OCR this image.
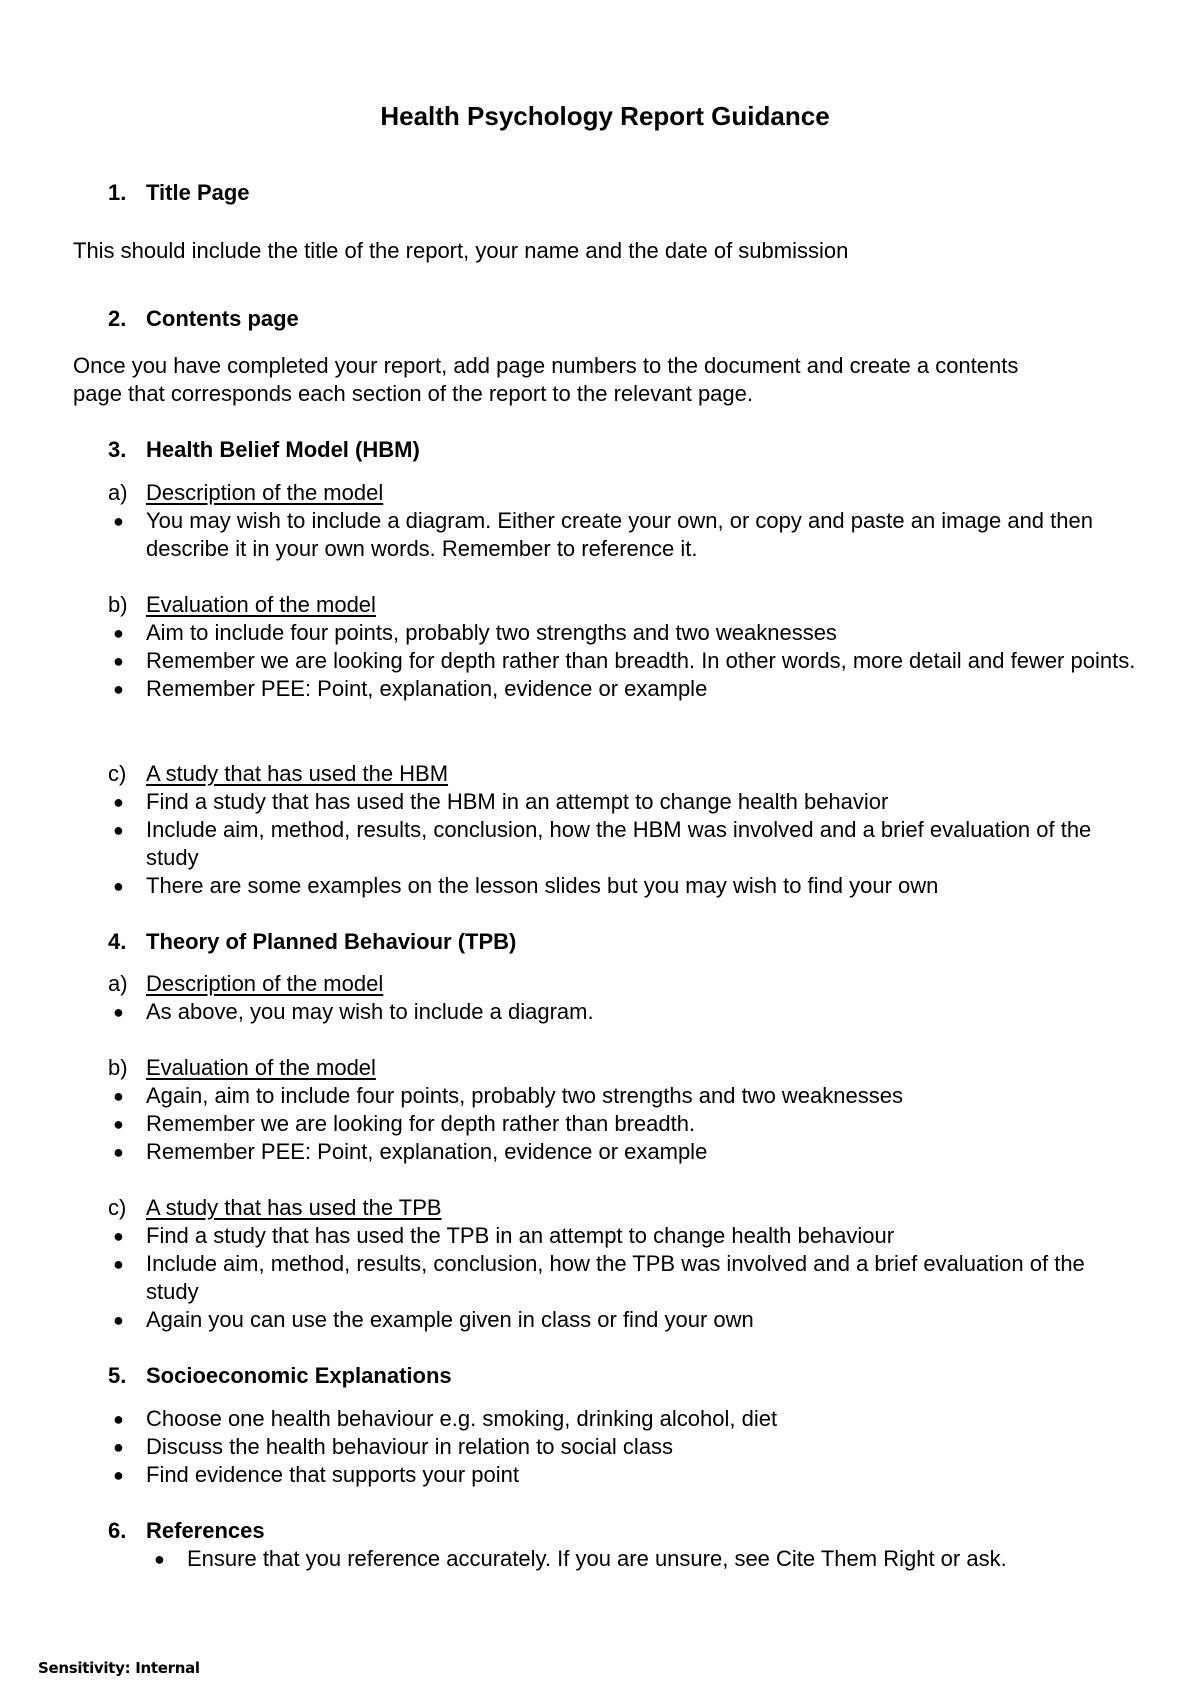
Health Psychology Report Guidance
1. Title Page

This should include the title of the report, your name and the date of submission

2. Contents page
Once you have completed your report, add page numbers to the document and create a contents
page that corresponds each section of the report to the relevant page.
3. Health Belief Model (HBM)
a) Description of the model
● You may wish to include a diagram. Either create your own, or copy and paste an image and then describe it in your own words. Remember to reference it.
b) Evaluation of the model
● Aim to include four points, probably two strengths and two weaknesses
● Remember we are looking for depth rather than breadth. In other words, more detail and fewer points.
● Remember PEE: Point, explanation, evidence or example
c) A study that has used the HBM
● Find a study that has used the HBM in an attempt to change health behavior
● Include aim, method, results, conclusion, how the HBM was involved and a brief evaluation of the study
● There are some examples on the lesson slides but you may wish to find your own
4. Theory of Planned Behaviour (TPB)
a) Description of the model
● As above, you may wish to include a diagram.
b) Evaluation of the model
● Again, aim to include four points, probably two strengths and two weaknesses
● Remember we are looking for depth rather than breadth.
● Remember PEE: Point, explanation, evidence or example
c) A study that has used the TPB
● Find a study that has used the TPB in an attempt to change health behaviour
● Include aim, method, results, conclusion, how the TPB was involved and a brief evaluation of the study
● Again you can use the example given in class or find your own
5. Socioeconomic Explanations
● Choose one health behaviour e.g. smoking, drinking alcohol, diet
● Discuss the health behaviour in relation to social class
● Find evidence that supports your point
6. References
● Ensure that you reference accurately. If you are unsure, see Cite Them Right or ask.
Sensitivity: Internal
